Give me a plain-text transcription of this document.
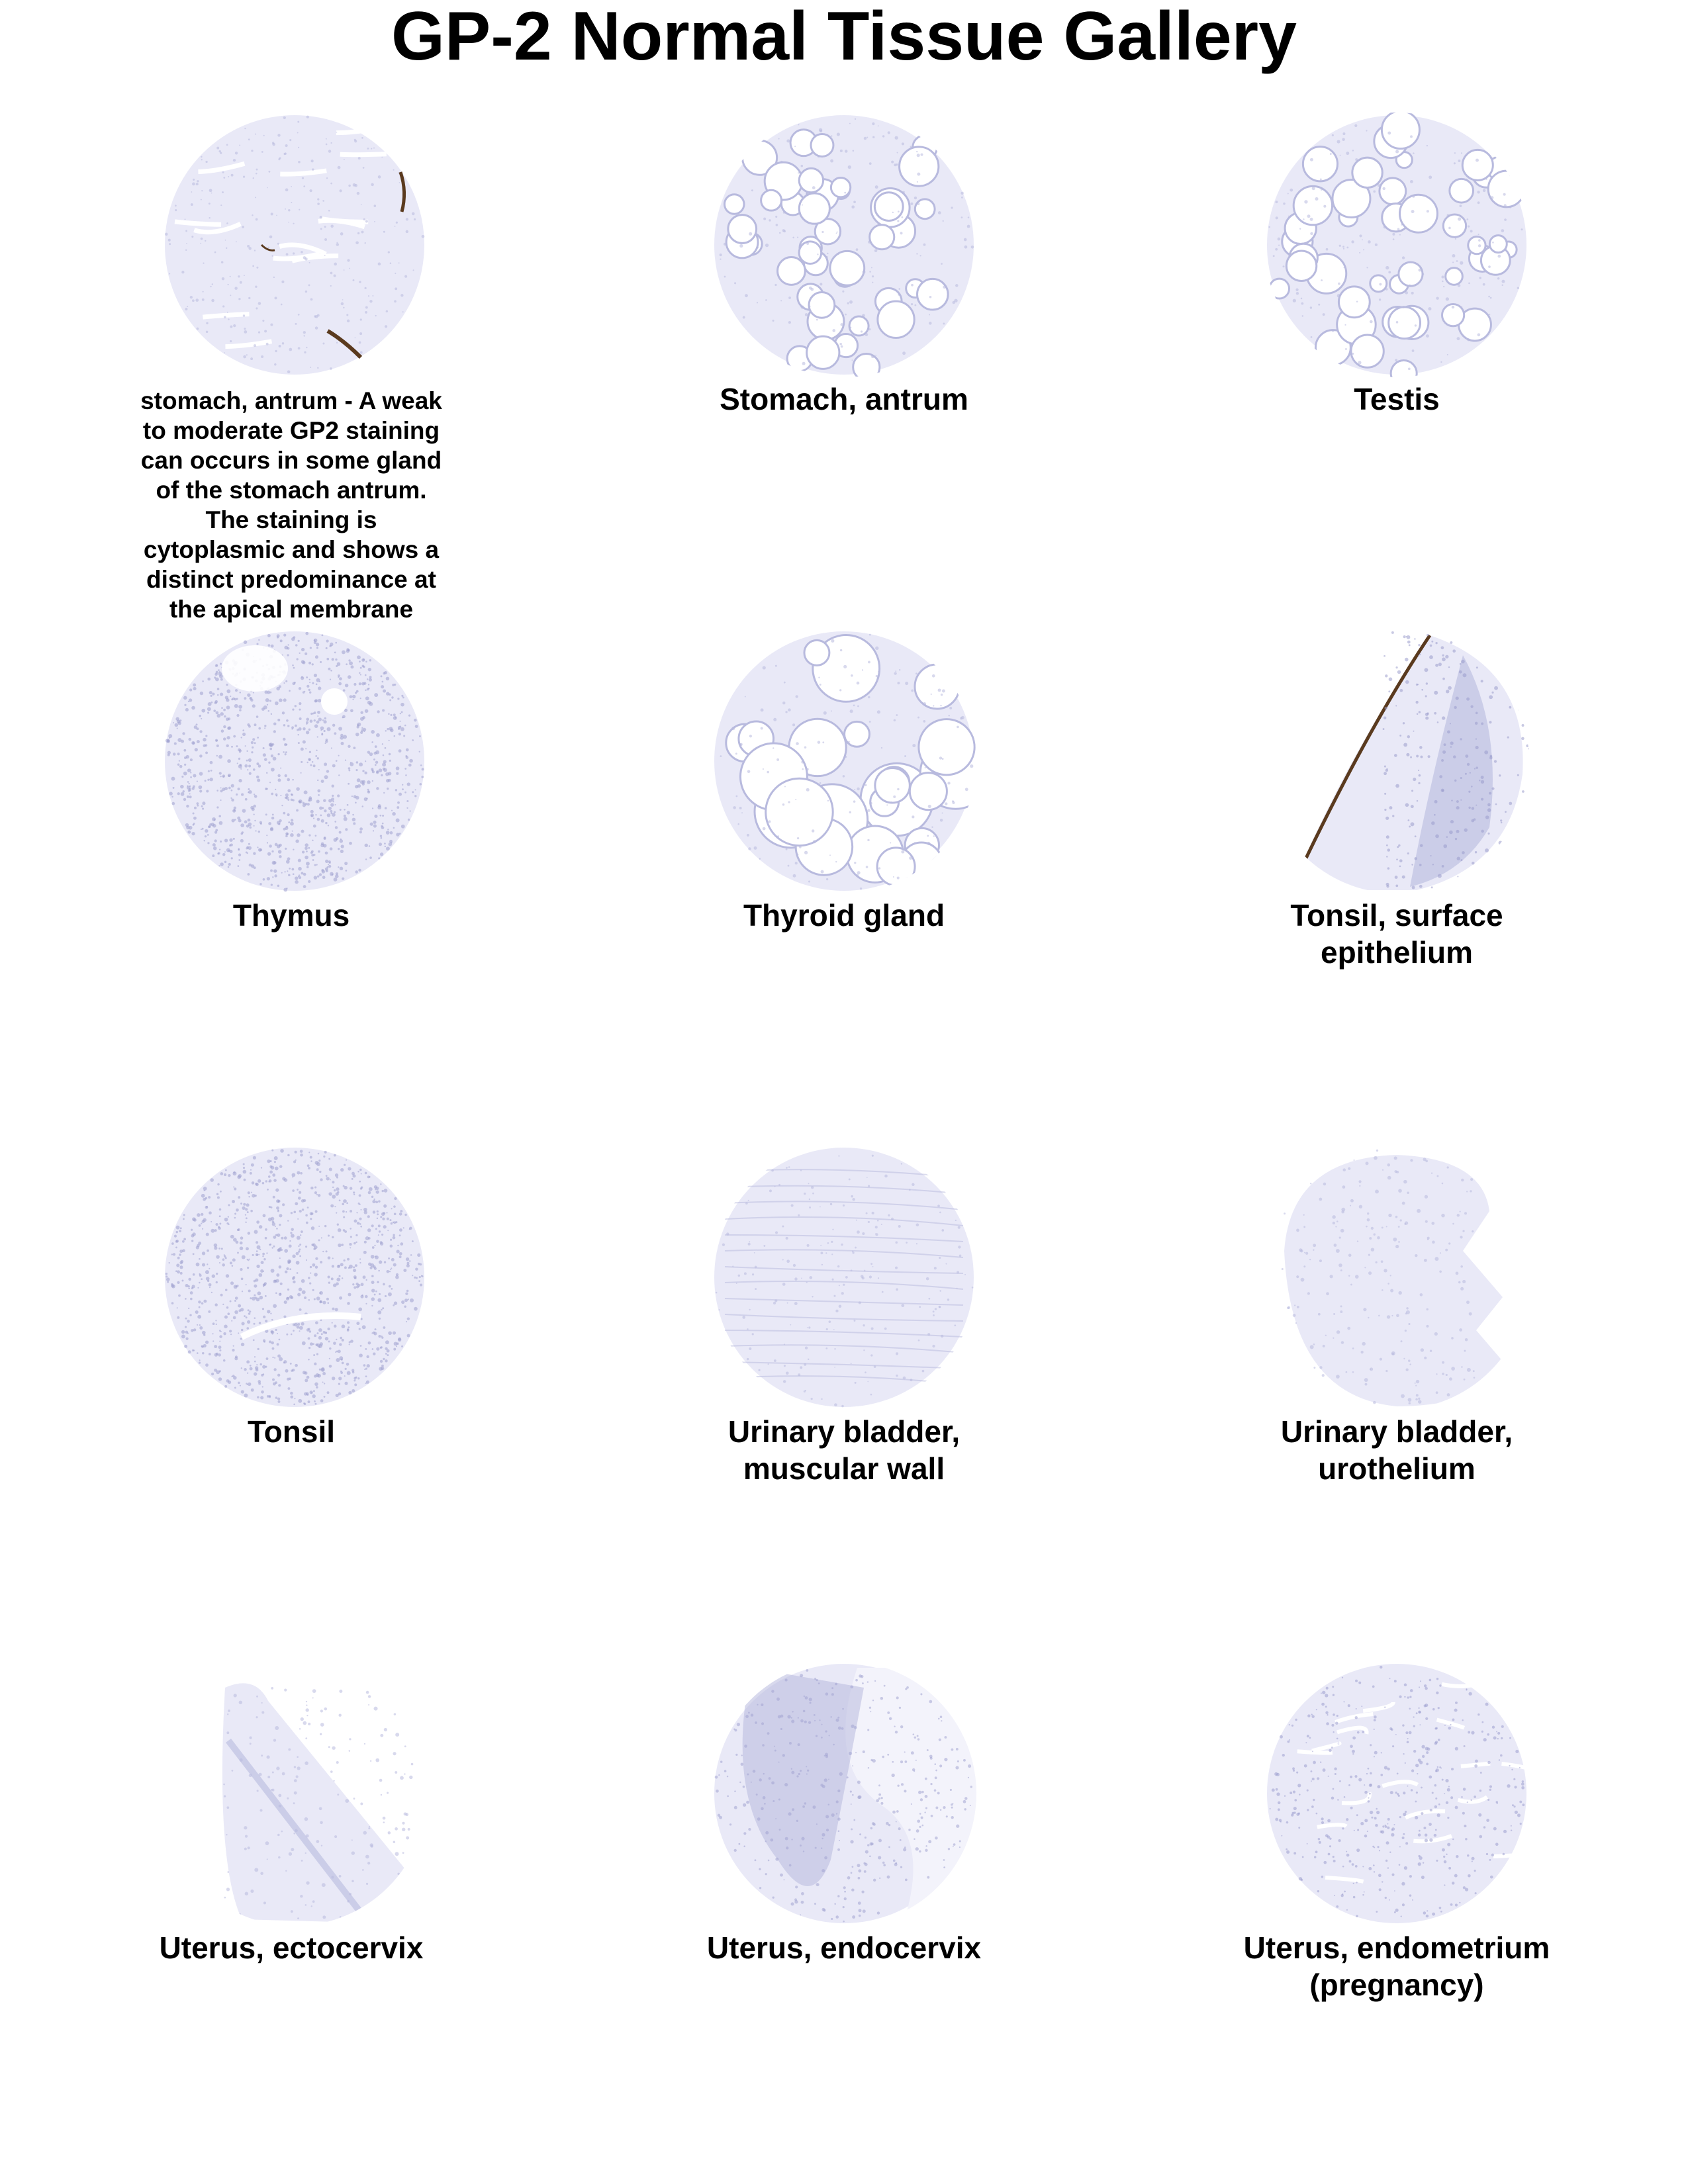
GP-2 Normal Tissue Gallery
stomach, antrum - A weak to moderate GP2 staining can occurs in some gland of the stomach antrum. The staining is cytoplasmic and shows a distinct predominance at the apical membrane
Stomach, antrum	Testis
Thymus	Thyroid gland	Tonsil, surface epithelium
Tonsil	Urinary bladder, muscular wall
Urinary bladder, urothelium
Uterus, ectocervix	Uterus, endocervix	Uterus, endometrium (pregnancy)
